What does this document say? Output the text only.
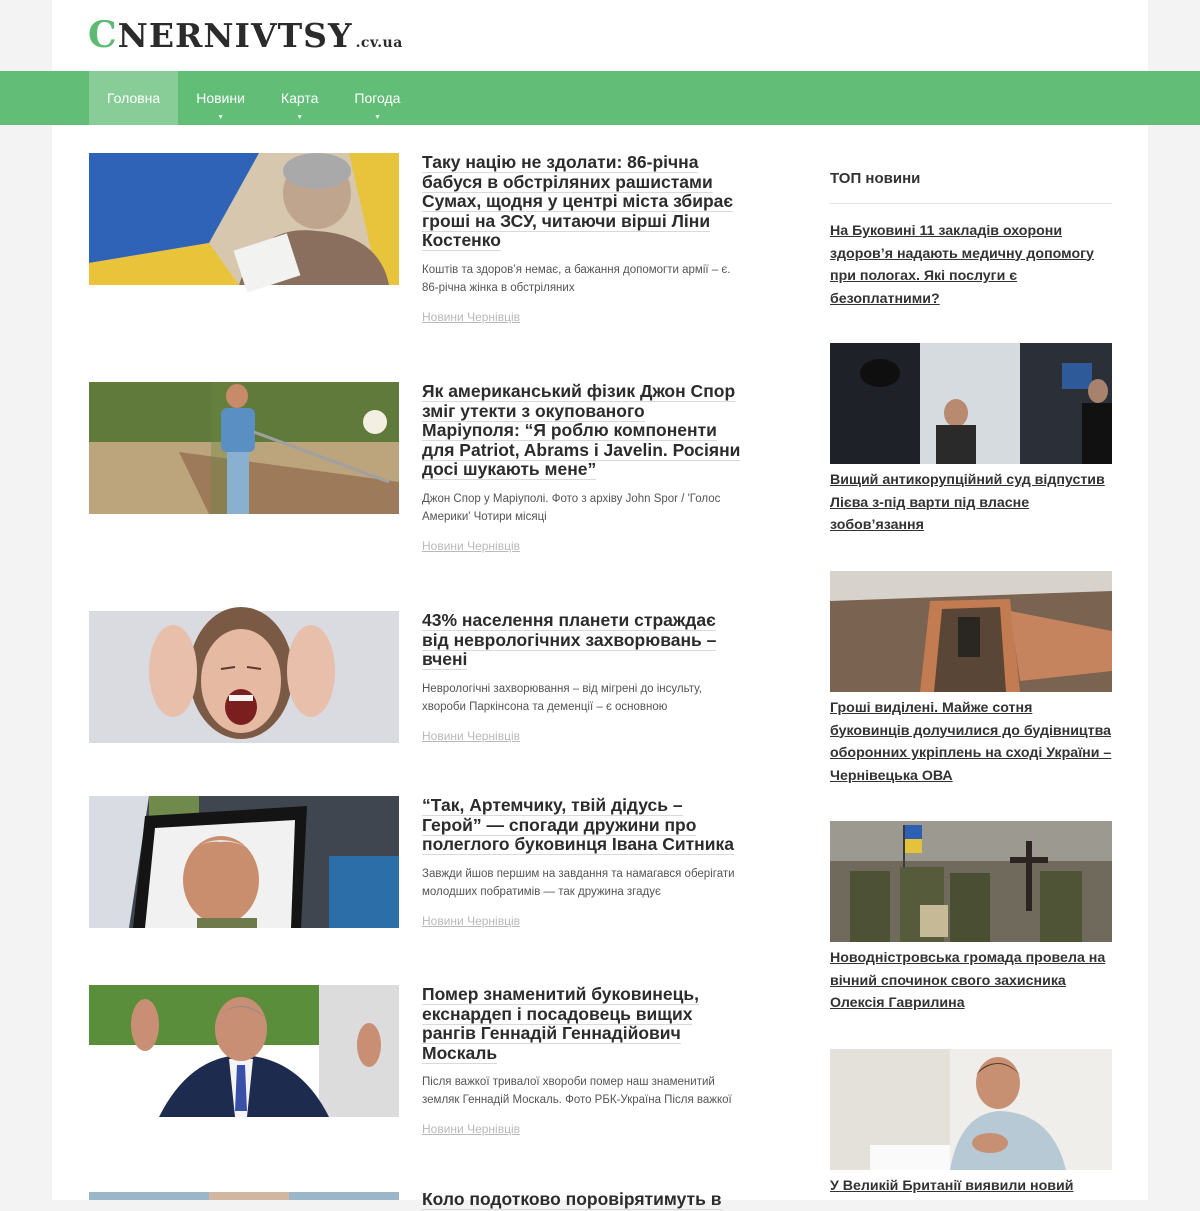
C NERNIVTSY .cv.ua
Головна	Новини
▼
Карта
▼
Погода
▼
Таку націю не здолати: 86-річна бабуся в обстріляних рашистами Сумах, щодня у центрі міста збирає гроші на ЗСУ, читаючи вірші Ліни Костенко

Коштів та здоров’я немає, а бажання допомогти армії – є. 86-річна жінка в обстріляних

Новини Чернівців
Як американський фізик Джон Спор зміг утекти з окупованого Маріуполя: “Я роблю компоненти для Patriot, Abrams і Javelin. Росіяни досі шукають мене”

Джон Спор у Маріуполі. Фото з архіву John Spor / 'Голос Америки' Чотири місяці

Новини Чернівців
43% населення планети страждає від неврологічних захворювань – вчені

Неврологічні захворювання – від мігрені до інсульту, хвороби Паркінсона та деменції – є основною

Новини Чернівців
“Так, Артемчику, твій дідусь – Герой” — спогади дружини про полеглого буковинця Івана Ситника

Завжди йшов першим на завдання та намагався оберігати молодших побратимів — так дружина згадує

Новини Чернівців
Помер знаменитий буковинець, екснардеп і посадовець вищих рангів Геннадій Геннадійович Москаль

Після важкої тривалої хвороби помер наш знаменитий земляк Геннадій Москаль. Фото РБК-Україна Після важкої

Новини Чернівців
Коло подотково поровірятимуть в
ТОП новини
На Буковині 11 закладів охорони здоров’я надають медичну допомогу при пологах. Які послуги є безоплатними?
Вищий антикорупційний суд відпустив Лієва з-під варти під власне зобов’язання
Гроші виділені. Майже сотня буковинців долучилися до будівництва оборонних укріплень на сході України – Чернівецька ОВА
Новодністровська громада провела на вічний спочинок свого захисника Олексія Гаврилина
У Великій Британії виявили новий
